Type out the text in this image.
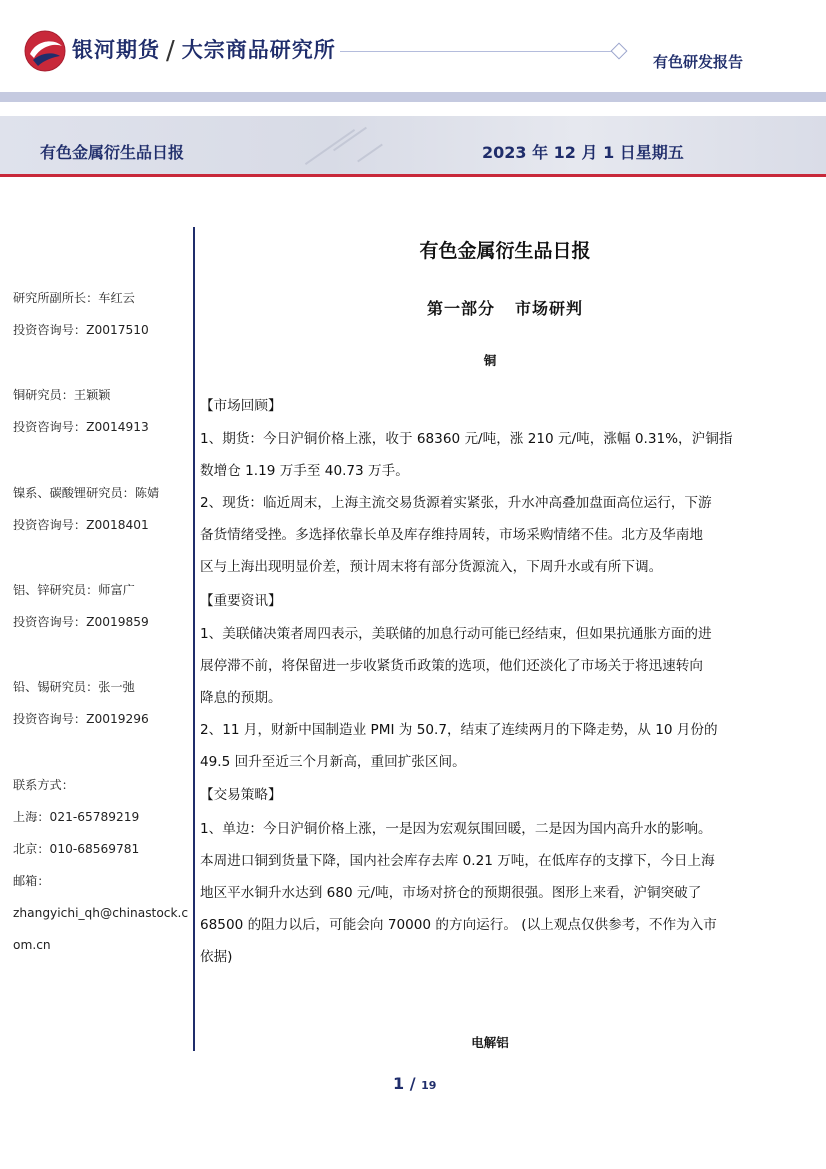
银河期货 / 大宗商品研究所	有色研发报告
有色金属衍生品日报	2023 年 12 月 1 日星期五
研究所副所长：车红云
投资咨询号：Z0017510
铜研究员：王颖颖
投资咨询号：Z0014913
镍系、碳酸锂研究员：陈婧
投资咨询号：Z0018401
铝、锌研究员：师富广
投资咨询号：Z0019859
铅、锡研究员：张一弛
投资咨询号：Z0019296
联系方式：
上海：021-65789219
北京：010-68569781
邮箱：
zhangyichi_qh@chinastock.c
om.cn
有色金属衍生品日报
第一部分 市场研判
铜
【市场回顾】
1、期货：今日沪铜价格上涨，收于 68360 元/吨，涨 210 元/吨，涨幅 0.31%，沪铜指
数增仓 1.19 万手至 40.73 万手。
2、现货：临近周末，上海主流交易货源着实紧张，升水冲高叠加盘面高位运行，下游
备货情绪受挫。多选择依靠长单及库存维持周转，市场采购情绪不佳。北方及华南地
区与上海出现明显价差，预计周末将有部分货源流入，下周升水或有所下调。
【重要资讯】
1、美联储决策者周四表示，美联储的加息行动可能已经结束，但如果抗通胀方面的进
展停滞不前，将保留进一步收紧货币政策的选项，他们还淡化了市场关于将迅速转向
降息的预期。
2、11 月，财新中国制造业 PMI 为 50.7，结束了连续两月的下降走势，从 10 月份的
49.5 回升至近三个月新高，重回扩张区间。
【交易策略】
1、单边：今日沪铜价格上涨，一是因为宏观氛围回暖，二是因为国内高升水的影响。
本周进口铜到货量下降，国内社会库存去库 0.21 万吨，在低库存的支撑下，今日上海
地区平水铜升水达到 680 元/吨，市场对挤仓的预期很强。图形上来看，沪铜突破了
68500 的阻力以后，可能会向 70000 的方向运行。 (以上观点仅供参考，不作为入市
依据)
电解铝
1 / 19
